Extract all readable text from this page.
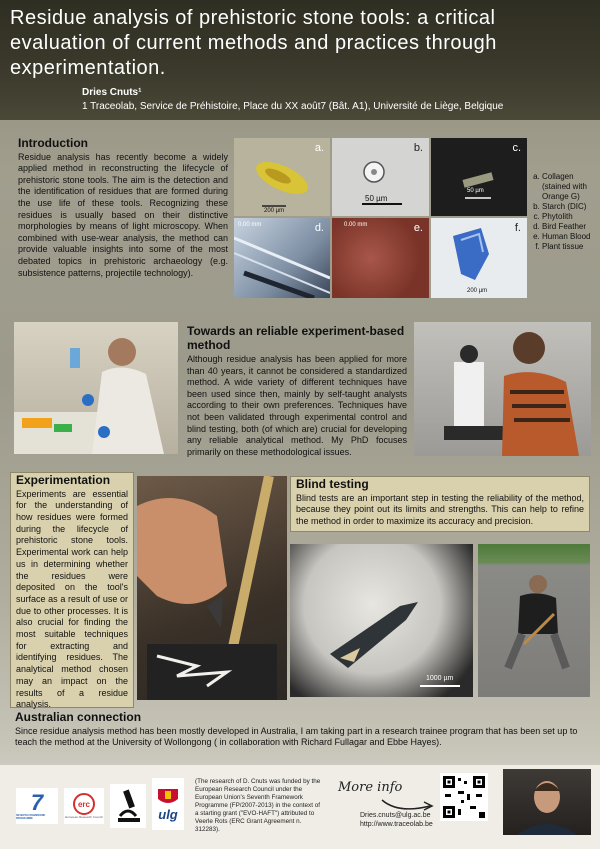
Residue analysis of prehistoric stone tools: a critical evaluation of current methods and practices through experimentation.
Dries Cnuts¹
1 Traceolab, Service de Préhistoire, Place du XX août7 (Bât. A1), Université de Liège, Belgique
Introduction

Residue analysis has recently become a widely applied method in reconstructing the lifecycle of prehistoric stone tools. The aim is the detection and the identification of residues that are formed during the use life of these tools. Recognizing these residues is usually based on their distinctive morphologies by means of light microscopy. When combined with use-wear analysis, the method can provide valuable insights into some of the most debated topics in prehistoric archaeology (e.g. subsistence patterns, projectile technology).

a.
200 µm
b.
50 µm
c.
50 µm
d.
0.00 mm	e.
0.00 mm	f.
200 µm
a. Collagen (stained with Orange G)
b. Starch (DIC)
c. Phytolith
d. Bird Feather
e. Human Blood
f. Plant tissue
Towards an reliable experiment-based method

Although residue analysis has been applied for more than 40 years, it cannot be considered a standardized method. A wide variety of different techniques have been used since then, mainly by self-taught analysts according to their own preferences. Techniques have not been validated through experimental control and blind testing, both (of which are) crucial for developing any reliable analytical method. My PhD focuses primarily on these methodological issues.

Experimentation

Experiments are essential for the understanding of how residues were formed during the lifecycle of prehistoric stone tools. Experimental work can help us in determining whether the residues were deposited on the tool's surface as a result of use or due to other processes. It is also crucial for finding the most suitable techniques for extracting and identifying residues. The analytical method chosen may an impact on the results of a residue analysis.

Blind testing

Blind tests are an important step in testing the reliability of the method, because they point out its limits and strengths. This can help to refine the method in order to maximize its accuracy and precision.

1000 µm
Australian connection

Since residue analysis method has been mostly developed in Australia, I am taking part in a research trainee program that has been set up to teach the method at the University of Wollongong ( in collaboration with Richard Fullagar and Ebbe Hayes).

7
SEVENTH FRAMEWORK PROGRAMME
erc
European Research Council	ulg
(The research of D. Cnuts was funded by the European Research Council under the European Union's Seventh Framework Programme (FP/2007-2013) in the context of a starting grant ("EVO-HAFT") attributed to Veerle Rots (ERC Grant Agreement n. 312283).
More info
Dries.cnuts@ulg.ac.be
http://www.traceolab.be
